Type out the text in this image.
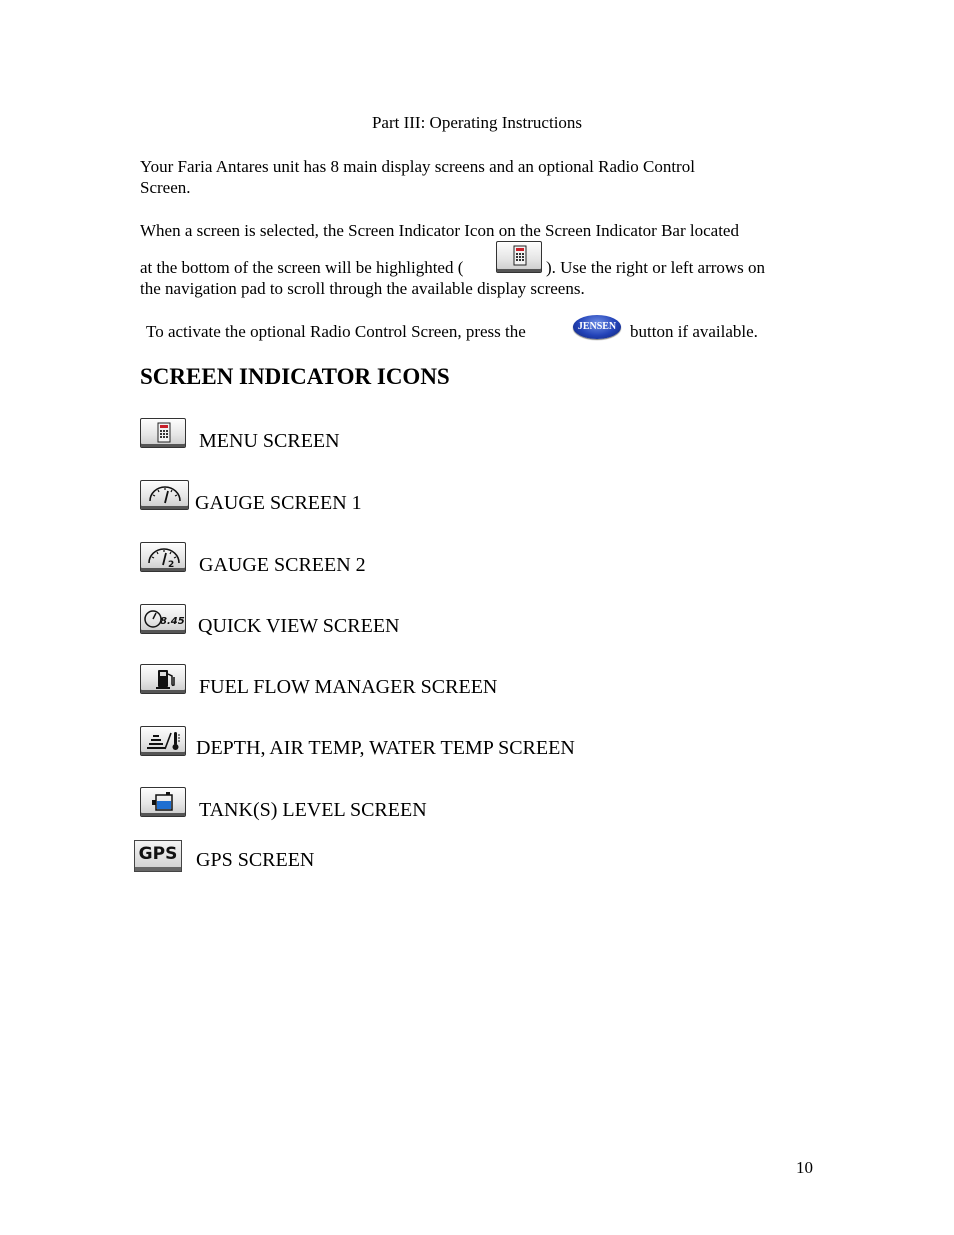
Part III: Operating Instructions
Your Faria Antares unit has 8 main display screens and an optional Radio Control
Screen.
When a screen is selected, the Screen Indicator Icon on the Screen Indicator Bar located
at the bottom of the screen will be highlighted (	). Use the right or left arrows on
the navigation pad to scroll through the available display screens.
To activate the optional Radio Control Screen, press the	JENSEN button if available.
SCREEN INDICATOR ICONS
MENU SCREEN
GAUGE SCREEN 1
2 GAUGE SCREEN 2
8.45 QUICK VIEW SCREEN
FUEL FLOW MANAGER SCREEN
DEPTH, AIR TEMP, WATER TEMP SCREEN
TANK(S) LEVEL SCREEN
GPS GPS SCREEN
10
